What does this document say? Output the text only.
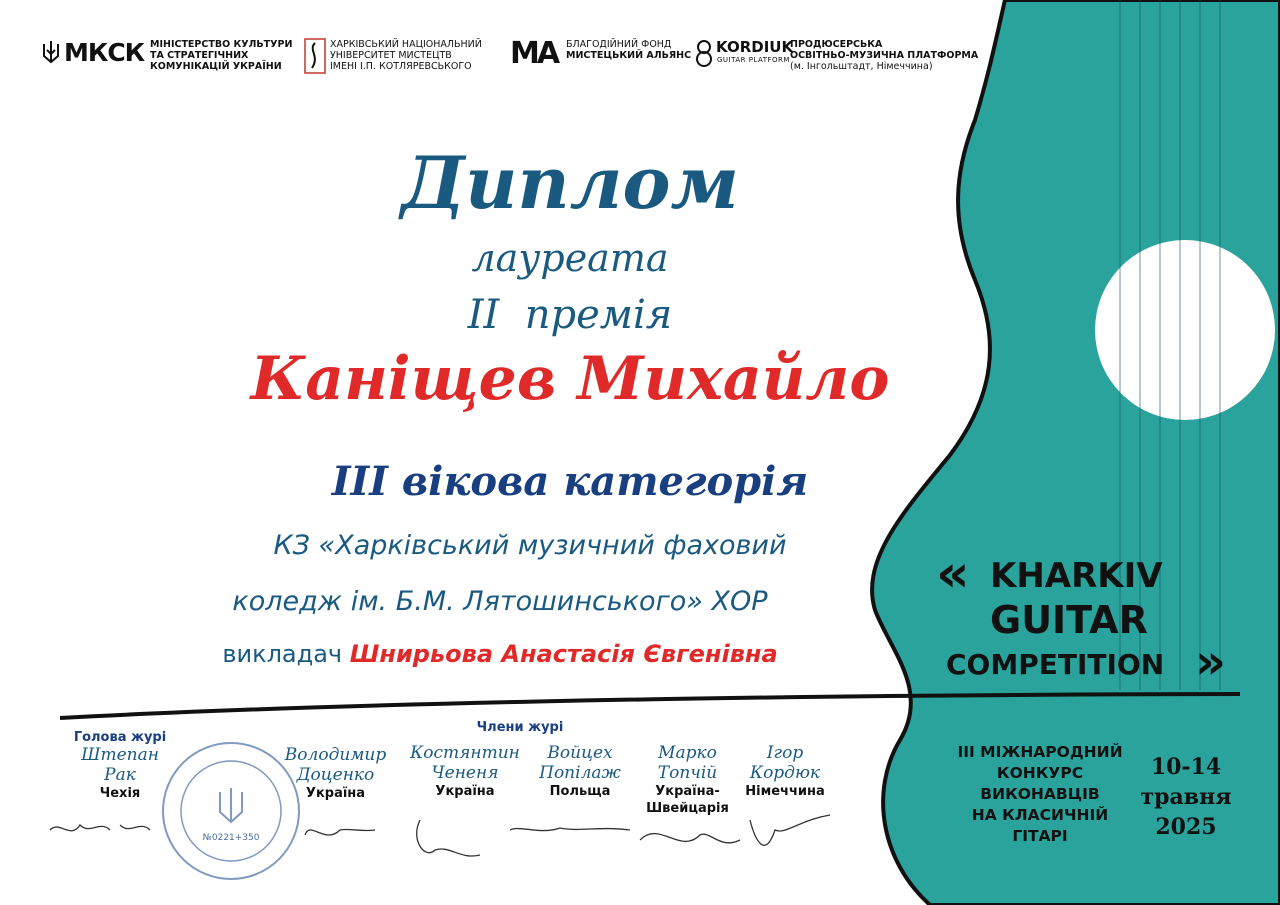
МКСК МІНІСТЕРСТВО КУЛЬТУРИ
ТА СТРАТЕГІЧНИХ
КОМУНІКАЦІЙ УКРАЇНИ
ХАРКІВСЬКИЙ НАЦІОНАЛЬНИЙ
УНІВЕРСИТЕТ МИСТЕЦТВ
ІМЕНІ І.П. КОТЛЯРЕВСЬКОГО	МА БЛАГОДІЙНИЙ ФОНД
МИСТЕЦЬКИЙ АЛЬЯНС KORDIUK
GUITAR PLATFORM
ПРОДЮСЕРСЬКА
ОСВІТНЬО-МУЗИЧНА ПЛАТФОРМА
(м. Інгольштадт, Німеччина)
Диплом
лауреата
II  премія
Каніщев Михайло
III вікова категорія
КЗ «Харківський музичний фаховий
коледж ім. Б.М. Лятошинського» ХОР
викладач Шнирьова Анастасія Євгенівна
Голова журі
Члени журі
Штепан
Рак
Чехія
Володимир
Доценко
Україна
Костянтин
Чененя
Україна
Войцех
Попілаж
Польща
Марко
Топчій
Україна-
Швейцарія
Ігор
Кордюк
Німеччина
№0221+350
« KHARKIV
GUITAR
COMPETITION »
ІІІ МІЖНАРОДНИЙ
КОНКУРС
ВИКОНАВЦІВ
НА КЛАСИЧНІЙ
ГІТАРІ
10-14
травня
2025
